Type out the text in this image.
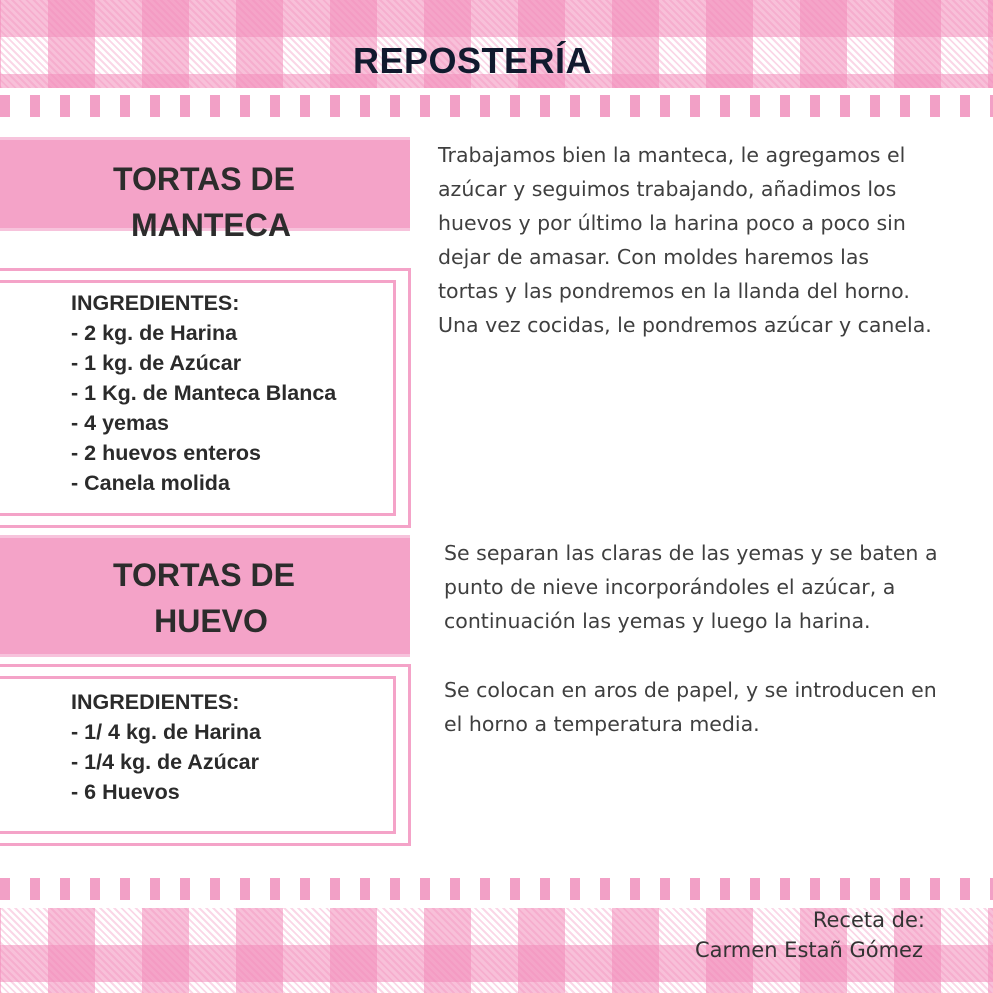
REPOSTERÍA
TORTAS DE
MANTECA
INGREDIENTES:
- 2 kg. de Harina
- 1 kg. de Azúcar
- 1 Kg. de Manteca Blanca
- 4 yemas
- 2 huevos enteros
- Canela molida
Trabajamos bien la manteca, le agregamos el
azúcar y seguimos trabajando, añadimos los
huevos y por último la harina poco a poco sin
dejar de amasar. Con moldes haremos las
tortas y las pondremos en la llanda del horno.
Una vez cocidas, le pondremos azúcar y canela.
TORTAS DE
HUEVO
INGREDIENTES:
- 1/ 4 kg. de Harina
- 1/4 kg. de Azúcar
- 6 Huevos
Se separan las claras de las yemas y se baten a
punto de nieve incorporándoles el azúcar, a
continuación las yemas y luego la harina.
Se colocan en aros de papel, y se introducen en
el horno a temperatura media.
Receta de:
Carmen Estañ Gómez
